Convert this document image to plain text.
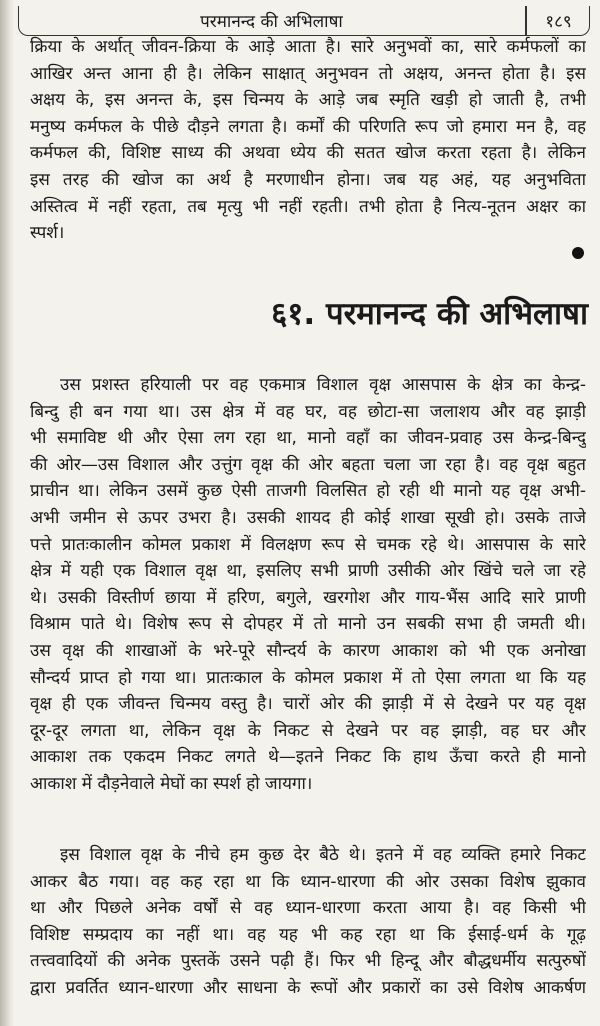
परमानन्द की अभिलाषा	१८९
क्रिया के अर्थात् जीवन-क्रिया के आड़े आता है। सारे अनुभवों का, सारे कर्मफलों का
आखिर अन्त आना ही है। लेकिन साक्षात् अनुभवन तो अक्षय, अनन्त होता है। इस
अक्षय के, इस अनन्त के, इस चिन्मय के आड़े जब स्मृति खड़ी हो जाती है, तभी
मनुष्य कर्मफल के पीछे दौड़ने लगता है। कर्मों की परिणति रूप जो हमारा मन है, वह
कर्मफल की, विशिष्ट साध्य की अथवा ध्येय की सतत खोज करता रहता है। लेकिन
इस तरह की खोज का अर्थ है मरणाधीन होना। जब यह अहं, यह अनुभविता
अस्तित्व में नहीं रहता, तब मृत्यु भी नहीं रहती। तभी होता है नित्य-नूतन अक्षर का
स्पर्श।
६१. परमानन्द की अभिलाषा
उस प्रशस्त हरियाली पर वह एकमात्र विशाल वृक्ष आसपास के क्षेत्र का केन्द्र-
बिन्दु ही बन गया था। उस क्षेत्र में वह घर, वह छोटा-सा जलाशय और वह झाड़ी
भी समाविष्ट थी और ऐसा लग रहा था, मानो वहाँ का जीवन-प्रवाह उस केन्द्र-बिन्दु
की ओर—उस विशाल और उत्तुंग वृक्ष की ओर बहता चला जा रहा है। वह वृक्ष बहुत
प्राचीन था। लेकिन उसमें कुछ ऐसी ताजगी विलसित हो रही थी मानो यह वृक्ष अभी-
अभी जमीन से ऊपर उभरा है। उसकी शायद ही कोई शाखा सूखी हो। उसके ताजे
पत्ते प्रातःकालीन कोमल प्रकाश में विलक्षण रूप से चमक रहे थे। आसपास के सारे
क्षेत्र में यही एक विशाल वृक्ष था, इसलिए सभी प्राणी उसीकी ओर खिंचे चले जा रहे
थे। उसकी विस्तीर्ण छाया में हरिण, बगुले, खरगोश और गाय-भैंस आदि सारे प्राणी
विश्राम पाते थे। विशेष रूप से दोपहर में तो मानो उन सबकी सभा ही जमती थी।
उस वृक्ष की शाखाओं के भरे-पूरे सौन्दर्य के कारण आकाश को भी एक अनोखा
सौन्दर्य प्राप्त हो गया था। प्रातःकाल के कोमल प्रकाश में तो ऐसा लगता था कि यह
वृक्ष ही एक जीवन्त चिन्मय वस्तु है। चारों ओर की झाड़ी में से देखने पर यह वृक्ष
दूर-दूर लगता था, लेकिन वृक्ष के निकट से देखने पर वह झाड़ी, वह घर और
आकाश तक एकदम निकट लगते थे—इतने निकट कि हाथ ऊँचा करते ही मानो
आकाश में दौड़नेवाले मेघों का स्पर्श हो जायगा।
इस विशाल वृक्ष के नीचे हम कुछ देर बैठे थे। इतने में वह व्यक्ति हमारे निकट
आकर बैठ गया। वह कह रहा था कि ध्यान-धारणा की ओर उसका विशेष झुकाव
था और पिछले अनेक वर्षों से वह ध्यान-धारणा करता आया है। वह किसी भी
विशिष्ट सम्प्रदाय का नहीं था। वह यह भी कह रहा था कि ईसाई-धर्म के गूढ़
तत्त्ववादियों की अनेक पुस्तकें उसने पढ़ी हैं। फिर भी हिन्दू और बौद्धधर्मीय सत्पुरुषों
द्वारा प्रवर्तित ध्यान-धारणा और साधना के रूपों और प्रकारों का उसे विशेष आकर्षण
